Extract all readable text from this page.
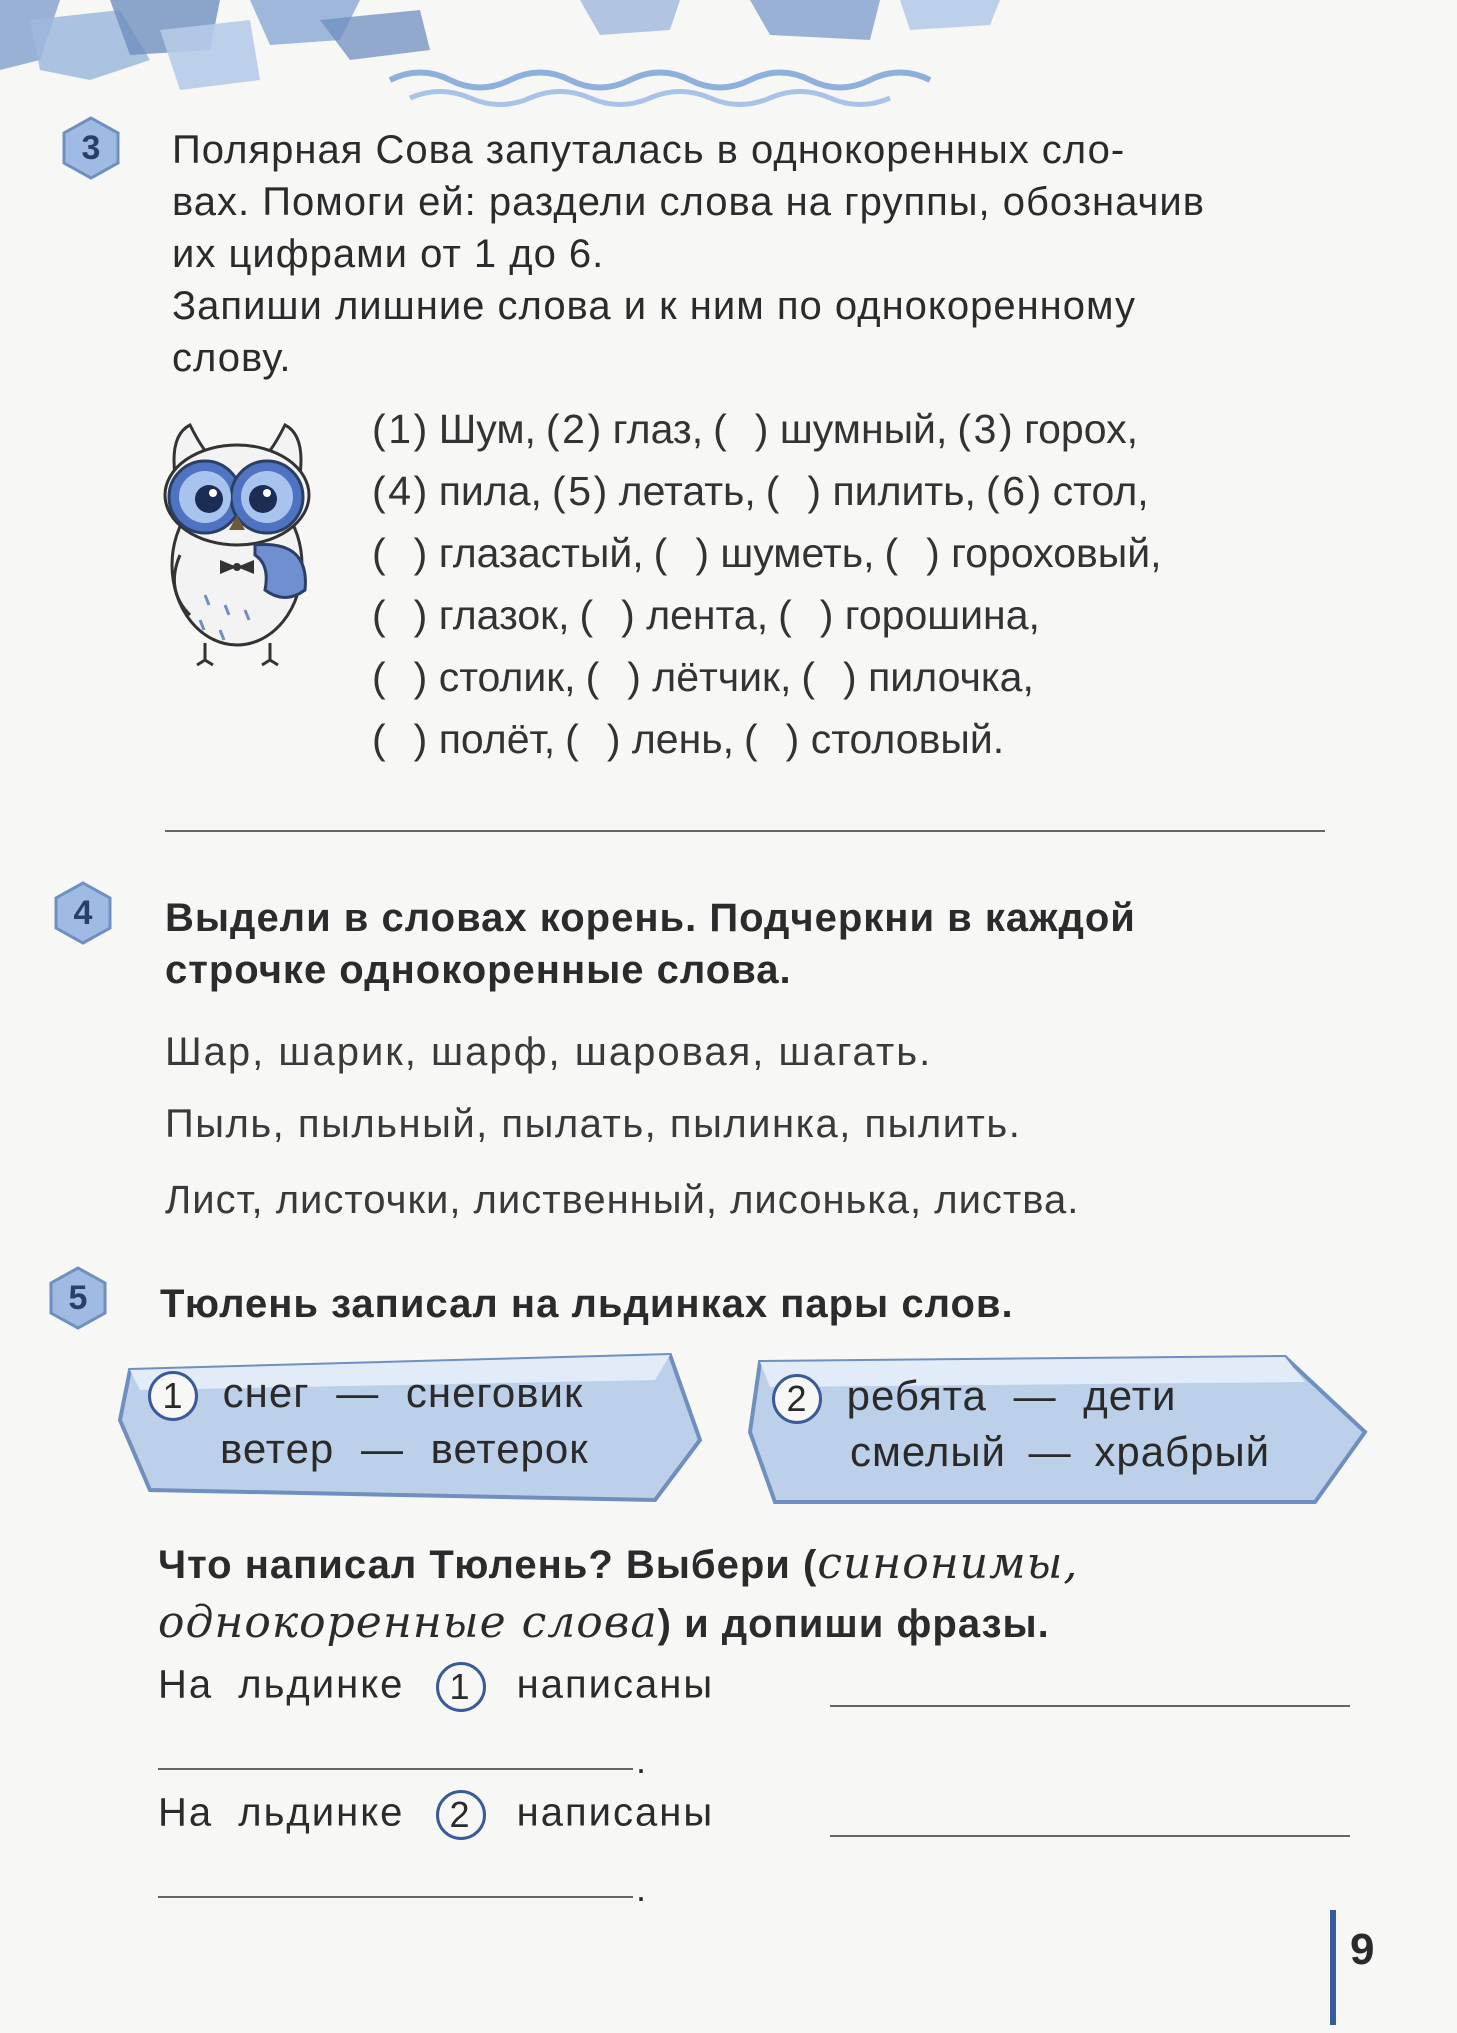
3	Полярная Сова запуталась в однокоренных сло-
вах. Помоги ей: раздели слова на группы, обозначив
их цифрами от 1 до 6.
Запиши лишние слова и к ним по однокоренному
слову.
(1) Шум, (2) глаз, ( ) шумный, (3) горох,
(4) пила, (5) летать, ( ) пилить, (6) стол,
( ) глазастый, ( ) шуметь, ( ) гороховый,
( ) глазок, ( ) лента, ( ) горошина,
( ) столик, ( ) лётчик, ( ) пилочка,
( ) полёт, ( ) лень, ( ) столовый.
4	Выдели в словах корень. Подчеркни в каждой
строчке однокоренные слова.
Шар, шарик, шарф, шаровая, шагать.
Пыль, пыльный, пылать, пылинка, пылить.
Лист, листочки, лиственный, лисонька, листва.
5	Тюлень записал на льдинках пары слов.
1 снег — снеговик
ветер — ветерок
2 ребята — дети
смелый — храбрый
Что написал Тюлень? Выбери (синонимы,
однокоренные слова) и допиши фразы.
На льдинке 1 написаны
.
На льдинке 2 написаны
.
9
